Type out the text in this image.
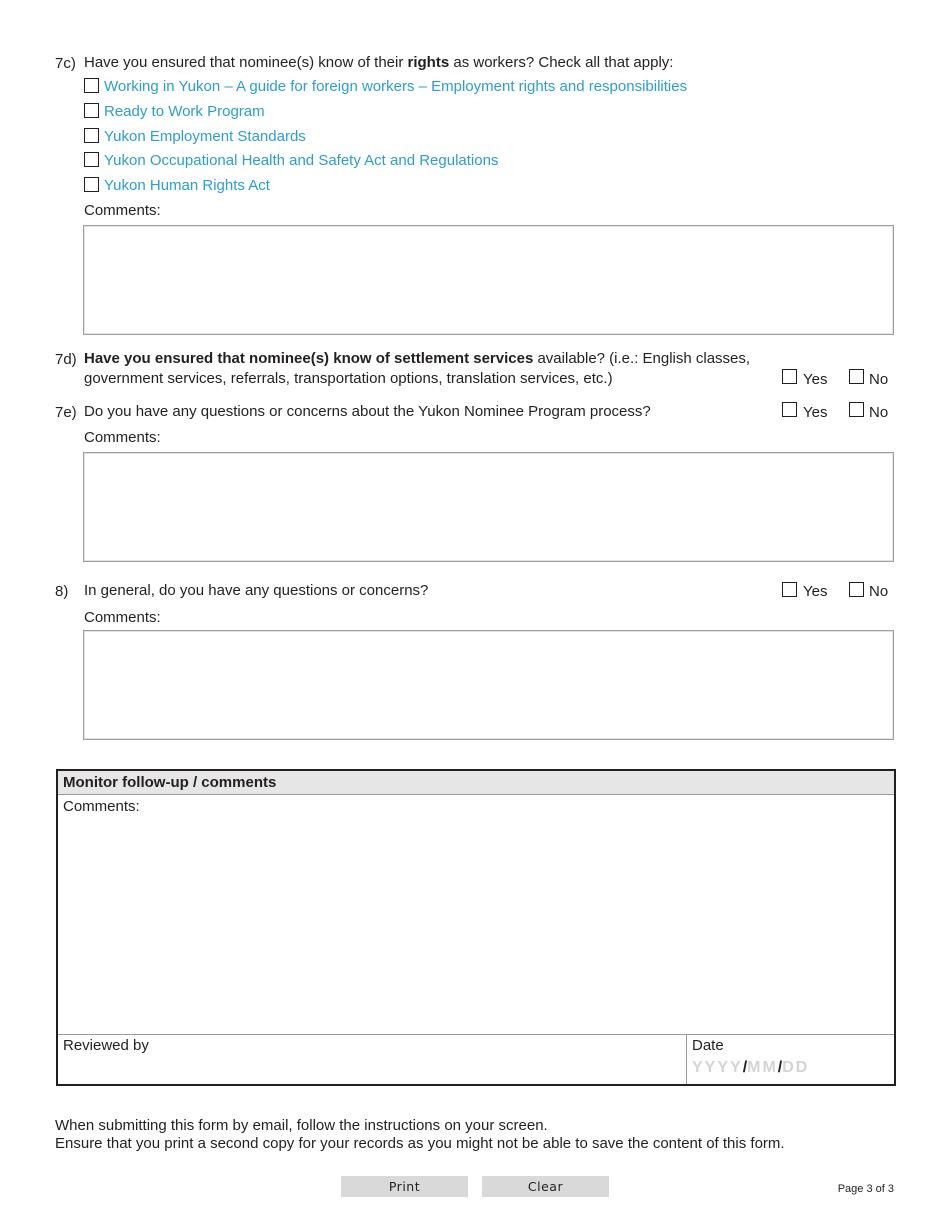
7c) Have you ensured that nominee(s) know of their rights as workers? Check all that apply:
Working in Yukon – A guide for foreign workers – Employment rights and responsibilities
Ready to Work Program
Yukon Employment Standards
Yukon Occupational Health and Safety Act and Regulations
Yukon Human Rights Act
Comments:
7d) Have you ensured that nominee(s) know of settlement services available? (i.e.: English classes,
government services, referrals, transportation options, translation services, etc.)	Yes	No
7e) Do you have any questions or concerns about the Yukon Nominee Program process?	Yes	No
Comments:
8) In general, do you have any questions or concerns?	Yes	No
Comments:
Monitor follow-up / comments
Comments:
Reviewed by	Date
YYYY/MM/DD
When submitting this form by email, follow the instructions on your screen.
Ensure that you print a second copy for your records as you might not be able to save the content of this form.
Print	Clear	Page 3 of 3
